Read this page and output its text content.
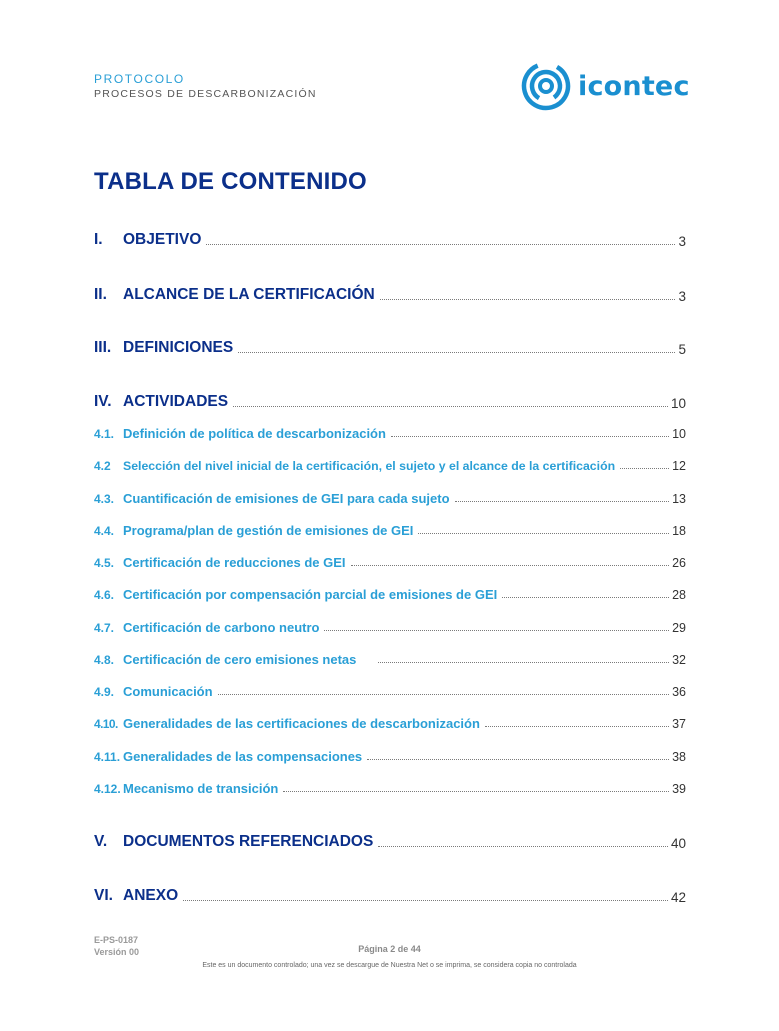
PROTOCOLO
PROCESOS DE DESCARBONIZACIÓN	icontec
TABLA DE CONTENIDO
I.	OBJETIVO	3
II.	ALCANCE DE LA CERTIFICACIÓN	3
III. DEFINICIONES	5
IV. ACTIVIDADES	10
4.1. Definición de política de descarbonización	10
4.2	Selección del nivel inicial de la certificación, el sujeto y el alcance de la certificación	12
4.3. Cuantificación de emisiones de GEI para cada sujeto	13
4.4. Programa/plan de gestión de emisiones de GEI	18
4.5. Certificación de reducciones de GEI	26
4.6. Certificación por compensación parcial de emisiones de GEI	28
4.7. Certificación de carbono neutro	29
4.8. Certificación de cero emisiones netas	32
4.9. Comunicación	36
4.10. Generalidades de las certificaciones de descarbonización	37
4.11. Generalidades de las compensaciones	38
4.12. Mecanismo de transición	39
V.	DOCUMENTOS REFERENCIADOS	40
VI. ANEXO	42
E-PS-0187
Versión 00	Página 2 de 44
Este es un documento controlado; una vez se descargue de Nuestra Net o se imprima, se considera copia no controlada
